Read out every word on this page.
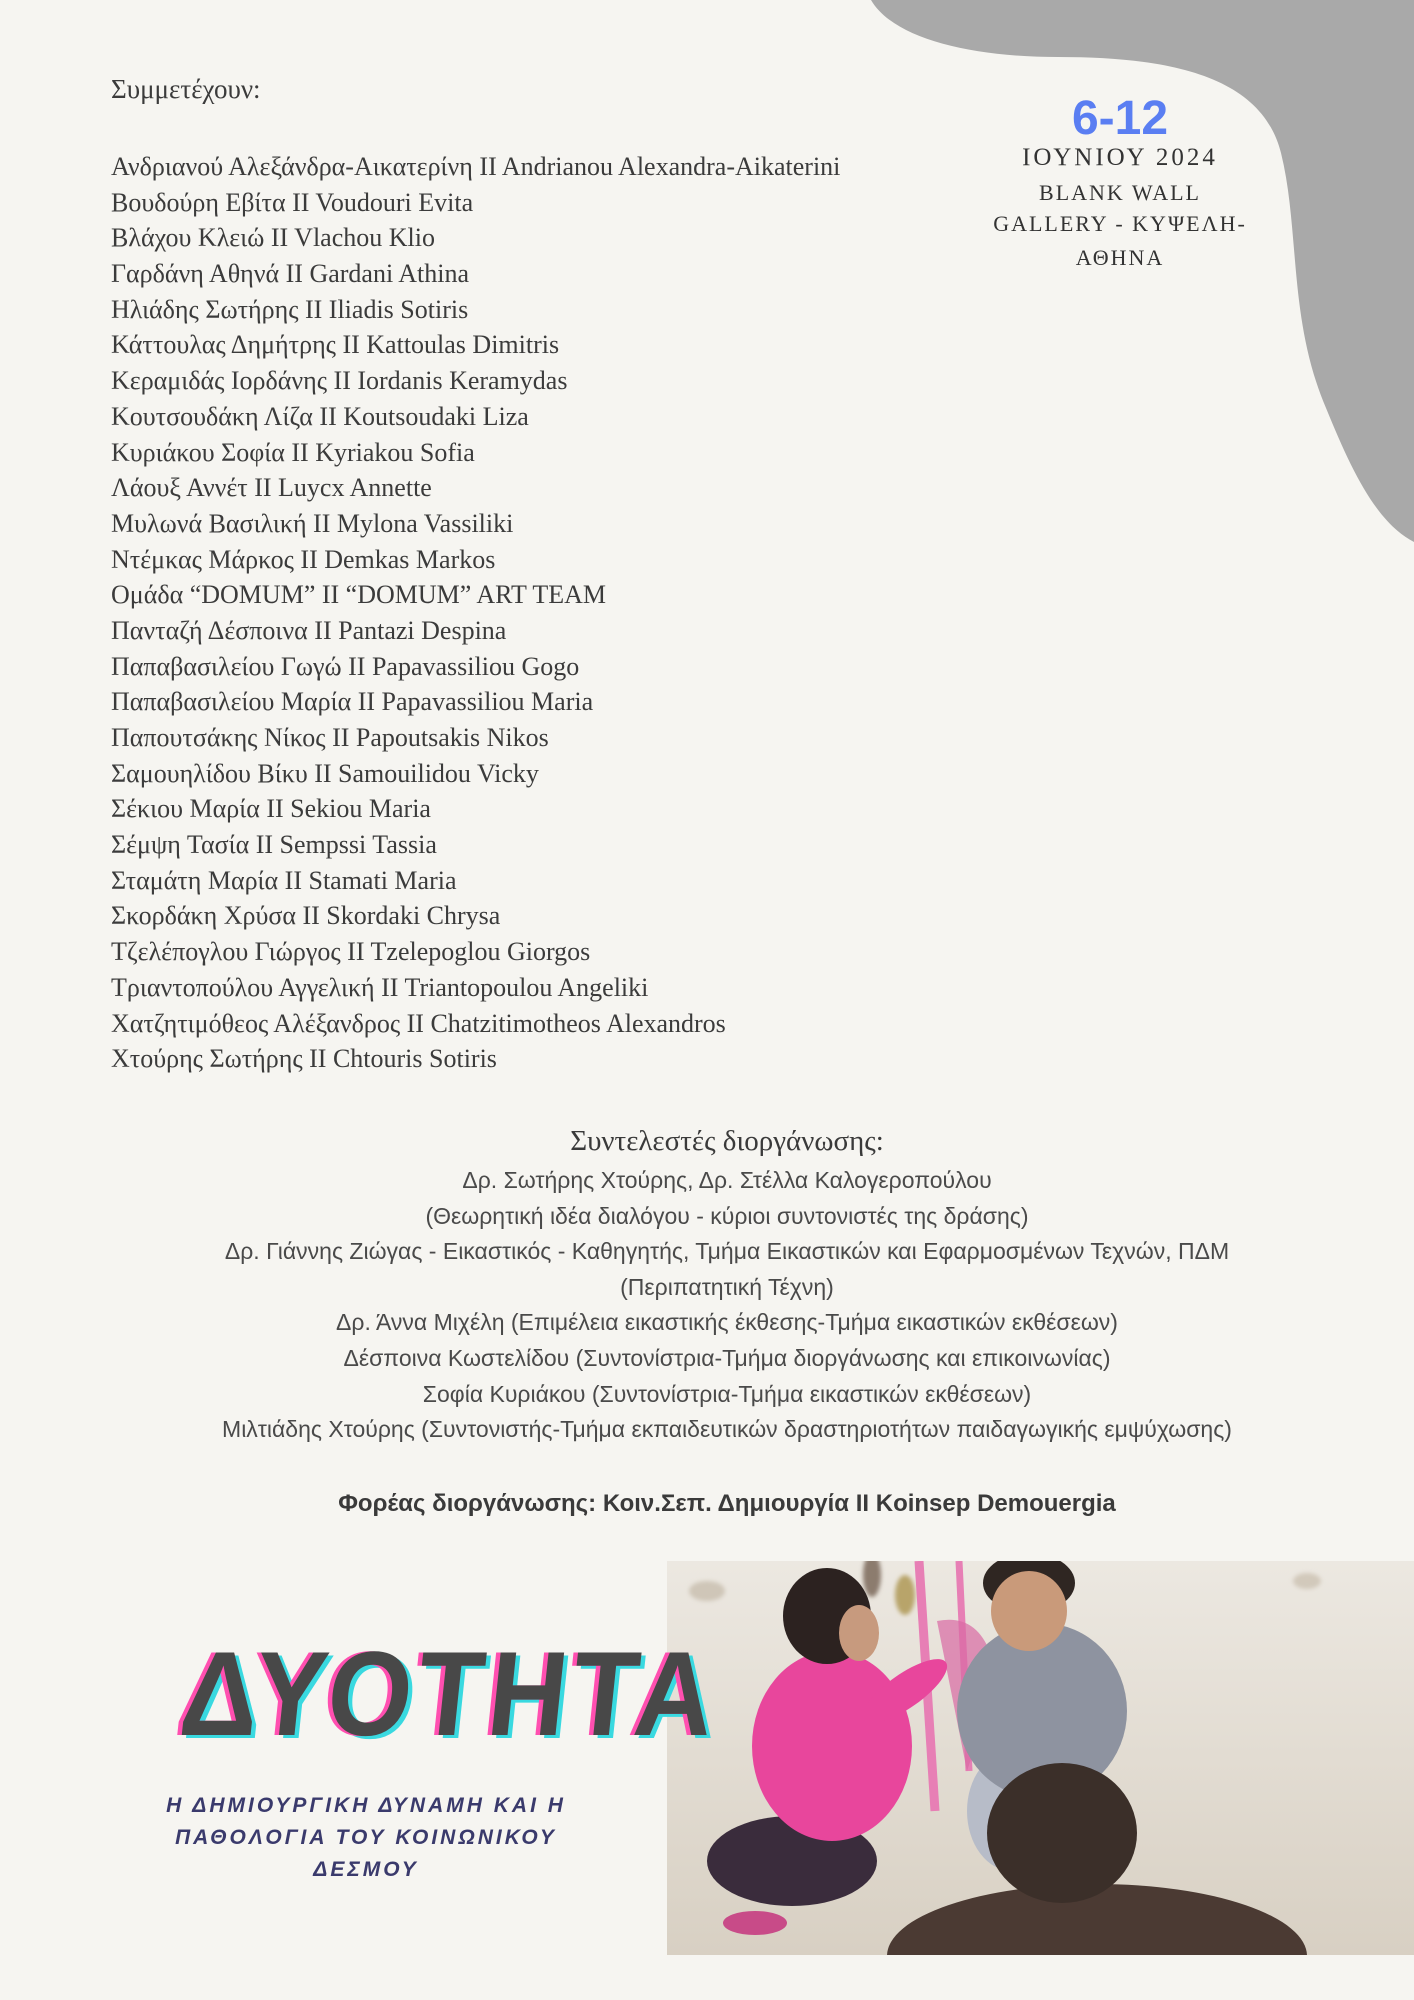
Συμμετέχουν:
Ανδριανού Αλεξάνδρα-Αικατερίνη II Andrianou Alexandra-Aikaterini
Βουδούρη Εβίτα II Voudouri Evita
Βλάχου Κλειώ II Vlachou Klio
Γαρδάνη Αθηνά II Gardani Athina
Ηλιάδης Σωτήρης II Iliadis Sotiris
Κάττουλας Δημήτρης II Kattoulas Dimitris
Κεραμιδάς Ιορδάνης II Iordanis Keramydas
Κουτσουδάκη Λίζα II Koutsoudaki Liza
Κυριάκου Σοφία II Kyriakou Sofia
Λάουξ Αννέτ II Luycx Annette
Μυλωνά Βασιλική II Mylona Vassiliki
Ντέμκας Μάρκος II Demkas Markos
Ομάδα “DOMUM” II “DOMUM” ART TEAM
Πανταζή Δέσποινα II Pantazi Despina
Παπαβασιλείου Γωγώ II Papavassiliou Gogo
Παπαβασιλείου Μαρία II Papavassiliou Maria
Παπουτσάκης Νίκος II Papoutsakis Nikos
Σαμουηλίδου Βίκυ II Samouilidou Vicky
Σέκιου Μαρία II Sekiou Maria
Σέμψη Τασία II Sempssi Tassia
Σταμάτη Μαρία II Stamati Maria
Σκορδάκη Χρύσα II Skordaki Chrysa
Τζελέπογλου Γιώργος II Tzelepoglou Giorgos
Τριαντοπούλου Αγγελική II Triantopoulou Angeliki
Χατζητιμόθεος Αλέξανδρος II Chatzitimotheos Alexandros
Χτούρης Σωτήρης II Chtouris Sotiris
6-12
ΙΟΥΝΙΟΥ 2024
BLANK WALL
GALLERY - ΚΥΨΕΛΗ-
ΑΘΗΝΑ
Συντελεστές διοργάνωσης:
Δρ. Σωτήρης Χτούρης, Δρ. Στέλλα Καλογεροπούλου
(Θεωρητική ιδέα διαλόγου - κύριοι συντονιστές της δράσης)
Δρ. Γιάννης Ζιώγας - Εικαστικός - Καθηγητής, Τμήμα Εικαστικών και Εφαρμοσμένων Τεχνών, ΠΔΜ
(Περιπατητική Τέχνη)
Δρ. Άννα Μιχέλη (Επιμέλεια εικαστικής έκθεσης-Τμήμα εικαστικών εκθέσεων)
Δέσποινα Κωστελίδου (Συντονίστρια-Τμήμα διοργάνωσης και επικοινωνίας)
Σοφία Κυριάκου (Συντονίστρια-Τμήμα εικαστικών εκθέσεων)
Μιλτιάδης Χτούρης (Συντονιστής-Τμήμα εκπαιδευτικών δραστηριοτήτων παιδαγωγικής εμψύχωσης)
Φορέας διοργάνωσης: Κοιν.Σεπ. Δημιουργία II Koinsep Demouergia
ΔΥΟΤΗΤΑ
Η ΔΗΜΙΟΥΡΓΙΚΗ ΔΥΝΑΜΗ ΚΑΙ Η
ΠΑΘΟΛΟΓΙΑ ΤΟΥ ΚΟΙΝΩΝΙΚΟΥ
ΔΕΣΜΟΥ
